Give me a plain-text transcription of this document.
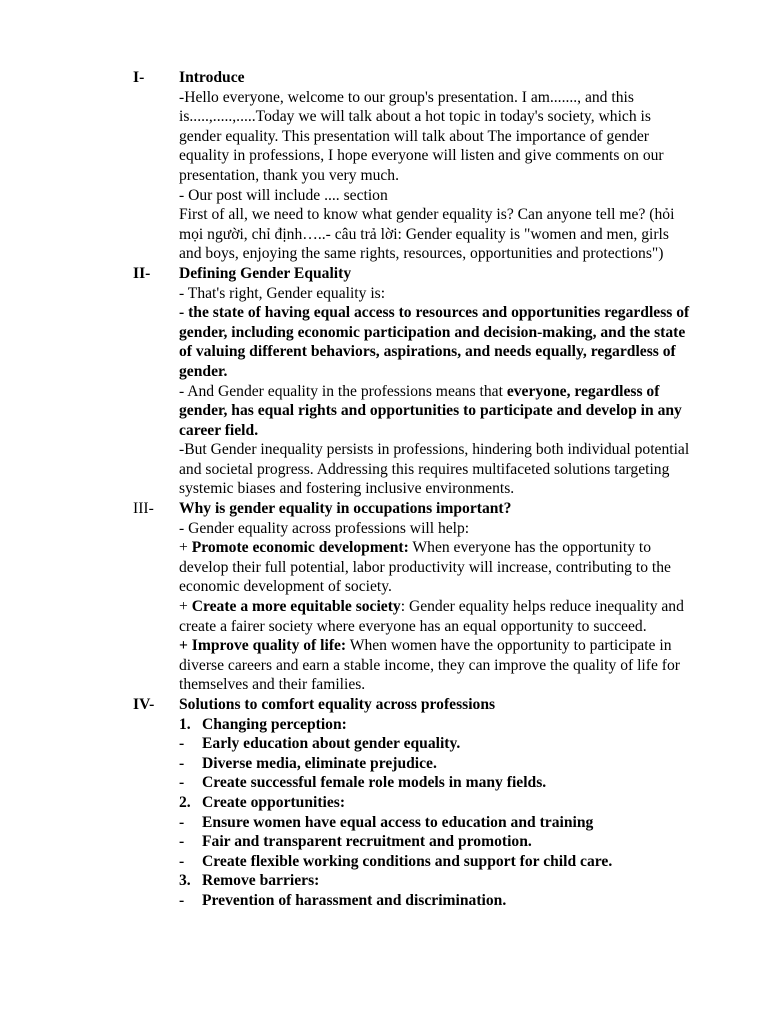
I- Introduce

-Hello everyone, welcome to our group's presentation. I am......., and this is.....,.....,.....Today we will talk about a hot topic in today's society, which is gender equality. This presentation will talk about The importance of gender equality in professions, I hope everyone will listen and give comments on our presentation, thank you very much.

- Our post will include .... section

First of all, we need to know what gender equality is? Can anyone tell me? (hỏi mọi người, chỉ định…..- câu trả lời: Gender equality is "women and men, girls and boys, enjoying the same rights, resources, opportunities and protections")

II- Defining Gender Equality

- That's right, Gender equality is:

- the state of having equal access to resources and opportunities regardless of gender, including economic participation and decision-making, and the state of valuing different behaviors, aspirations, and needs equally, regardless of gender.

- And Gender equality in the professions means that everyone, regardless of gender, has equal rights and opportunities to participate and develop in any career field.

-But Gender inequality persists in professions, hindering both individual potential and societal progress. Addressing this requires multifaceted solutions targeting systemic biases and fostering inclusive environments.

III- Why is gender equality in occupations important?

- Gender equality across professions will help:

+ Promote economic development: When everyone has the opportunity to develop their full potential, labor productivity will increase, contributing to the economic development of society.

+ Create a more equitable society: Gender equality helps reduce inequality and create a fairer society where everyone has an equal opportunity to succeed.

+ Improve quality of life: When women have the opportunity to participate in diverse careers and earn a stable income, they can improve the quality of life for themselves and their families.

IV- Solutions to comfort equality across professions

1. Changing perception:
-	Early education about gender equality.
-	Diverse media, eliminate prejudice.
-	Create successful female role models in many fields.
2. Create opportunities:
-	Ensure women have equal access to education and training
-	Fair and transparent recruitment and promotion.
-	Create flexible working conditions and support for child care.
3. Remove barriers:
-	Prevention of harassment and discrimination.
